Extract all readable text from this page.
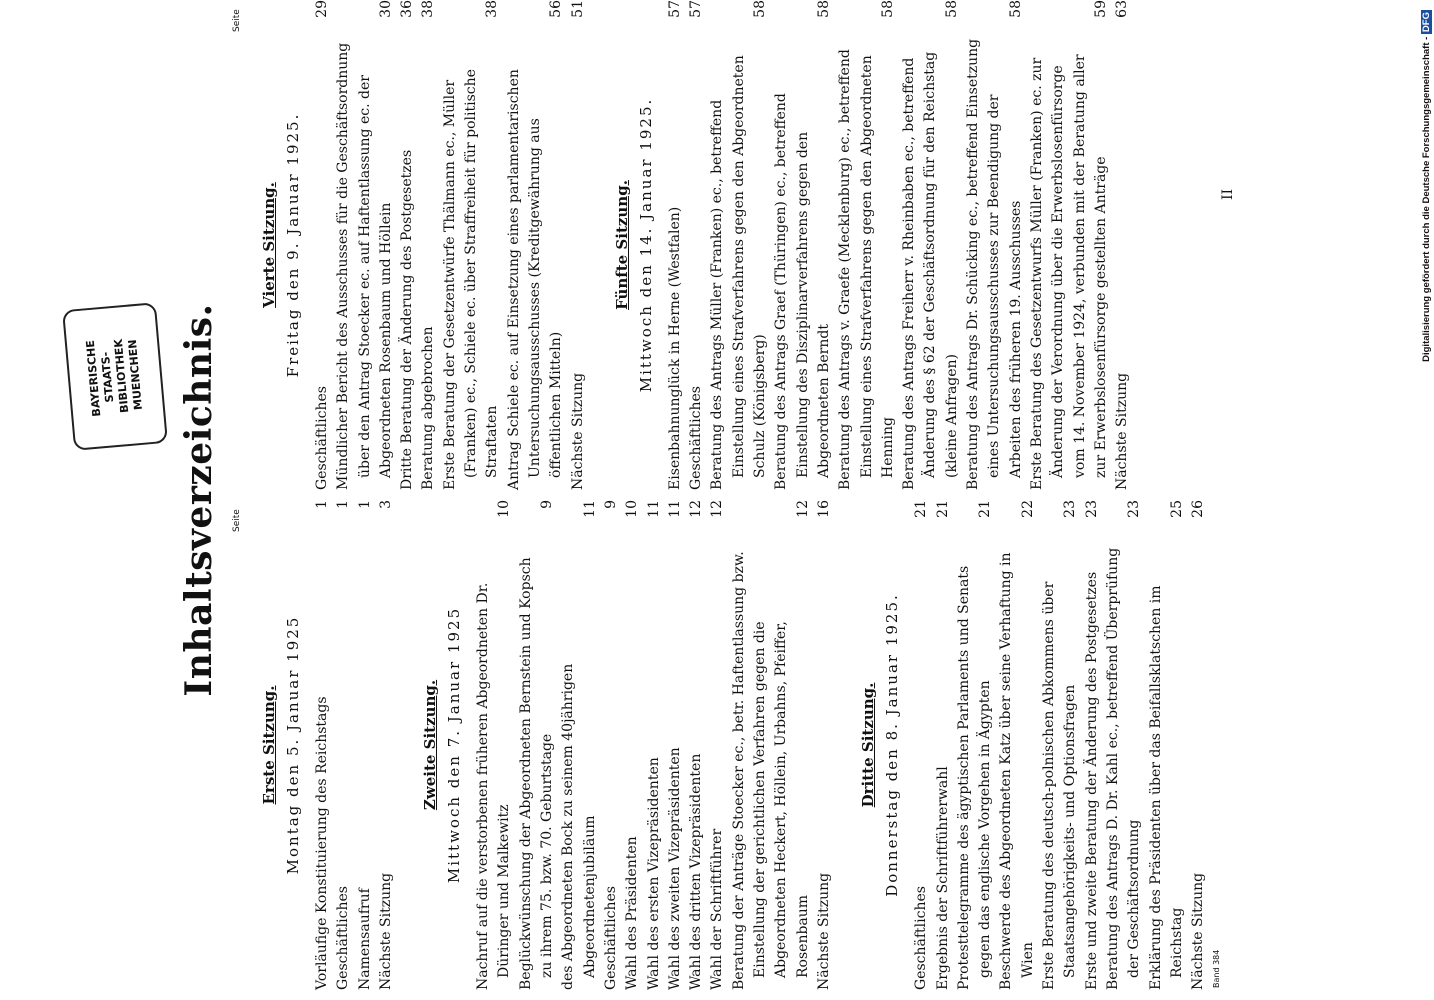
BAYERISCHE
STAATS-
BIBLIOTHEK
MUENCHEN Inhaltsverzeichnis. Seite
Seite
Erste Sitzung. Montag den 5. Januar 1925 Vorläufige Konstituierung des Reichstags
1
Geschäftliches
1
Namensaufruf
1
Nächste Sitzung
3
Zweite Sitzung. Mittwoch den 7. Januar 1925 Nachruf auf die verstorbenen früheren Abgeordneten Dr. Düringer und Malkewitz
10
Beglückwünschung der Abgeordneten Bernstein und Kopsch zu ihrem 75. bzw. 70. Geburtstage
9
des Abgeordneten Bock zu seinem 40jährigen Abgeordnetenjubiläum
11
Geschäftliches
9
Wahl des Präsidenten
10
Wahl des ersten Vizepräsidenten
11
Wahl des zweiten Vizepräsidenten
11
Wahl des dritten Vizepräsidenten
12
Wahl der Schriftführer
12
Beratung der Anträge Stoecker ec., betr. Haftentlassung bzw. Einstellung der gerichtlichen Verfahren gegen die Abgeordneten Heckert, Höllein, Urbahns, Pfeiffer, Rosenbaum
12
Nächste Sitzung
16
Dritte Sitzung. Donnerstag den 8. Januar 1925.
Geschäftliches
21
Ergebnis der Schriftführerwahl
21
Protesttelegramme des ägyptischen Parlaments und Senats gegen das englische Vorgehen in Ägypten
21
Beschwerde des Abgeordneten Katz über seine Verhaftung in Wien
22
Erste Beratung des deutsch-polnischen Abkommens über Staatsangehörigkeits- und Optionsfragen
23
Erste und zweite Beratung der Änderung des Postgesetzes
23
Beratung des Antrags D. Dr. Kahl ec., betreffend Überprüfung der Geschäftsordnung
23
Erklärung des Präsidenten über das Beifallsklatschen im Reichstag
25
Nächste Sitzung
26
Vierte Sitzung. Freitag den 9. Januar 1925.
Geschäftliches
29
Mündlicher Bericht des Ausschusses für die Geschäftsordnung über den Antrag Stoecker ec. auf Haftentlassung ec. der Abgeordneten Rosenbaum und Höllein
30
Dritte Beratung der Änderung des Postgesetzes
36
Beratung abgebrochen
38
Erste Beratung der Gesetzentwürfe Thälmann ec., Müller (Franken) ec., Schiele ec. über Straffreiheit für politische Straftaten
38
Antrag Schiele ec. auf Einsetzung eines parlamentarischen Untersuchungsausschusses (Kreditgewährung aus öffentlichen Mitteln)
56
Nächste Sitzung
51
Fünfte Sitzung. Mittwoch den 14. Januar 1925. Eisenbahnunglück in Herne (Westfalen)
57
Geschäftliches
57
Beratung des Antrags Müller (Franken) ec., betreffend Einstellung eines Strafverfahrens gegen den Abgeordneten Schulz (Königsberg)
58
Beratung des Antrags Graef (Thüringen) ec., betreffend Einstellung des Disziplinarverfahrens gegen den Abgeordneten Berndt
58
Beratung des Antrags v. Graefe (Mecklenburg) ec., betreffend Einstellung eines Strafverfahrens gegen den Abgeordneten Henning
58
Beratung des Antrags Freiherr v. Rheinbaben ec., betreffend Änderung des § 62 der Geschäftsordnung für den Reichstag (kleine Anfragen)
58
Beratung des Antrags Dr. Schücking ec., betreffend Einsetzung eines Untersuchungsausschusses zur Beendigung der Arbeiten des früheren 19. Ausschusses
58
Erste Beratung des Gesetzentwurfs Müller (Franken) ec. zur Änderung der Verordnung über die Erwerbslosenfürsorge vom 14. November 1924, verbunden mit der Beratung aller zur Erwerbslosenfürsorge gestellten Anträge
59
Nächste Sitzung
63
Band 384
II	Digitalisierung gefördert durch die Deutsche Forschungsgemeinschaft - DFG
